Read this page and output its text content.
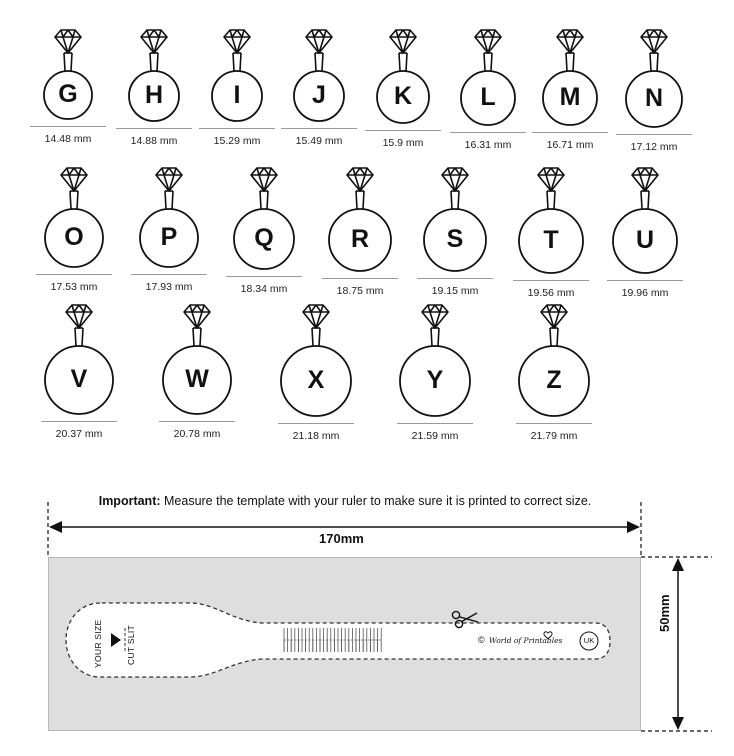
G
14.48 mm
H
14.88 mm
I
15.29 mm
J
15.49 mm
K
15.9 mm
L
16.31 mm
M
16.71 mm
N
17.12 mm
O
17.53 mm
P
17.93 mm
Q
18.34 mm
R
18.75 mm
S
19.15 mm
T
19.56 mm
U
19.96 mm
V
20.37 mm
W
20.78 mm
X
21.18 mm
Y
21.59 mm
Z
21.79 mm
Important: Measure the template with your ruler to make sure it is printed to correct size.
170mm
50mm
YOUR SIZE	CUT SLIT	© World of Printables	UK
